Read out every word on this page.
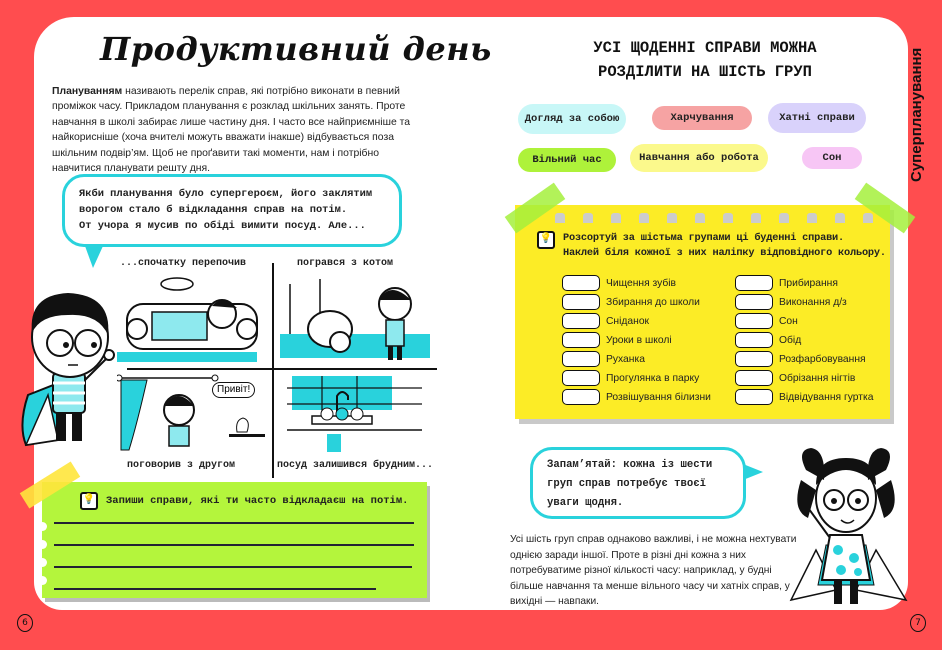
Суперпланування
Продуктивний день
Плануванням називають перелік справ, які потрібно виконати в певний проміжок часу. Прикладом планування є розклад шкільних занять. Проте навчання в школі забирає лише частину дня. І часто все найприємніше та найкорисніше (хоча вчителі можуть вважати інакше) відбувається поза шкільним подвір’ям. Щоб не проґавити такі моменти, нам і потрібно навчитися планувати решту дня.
Якби планування було супергероєм, його заклятим
ворогом стало б відкладання справ на потім.
От учора я мусив по обіді вимити посуд. Але...
...спочатку перепочив	погрався з котом
Привіт!
поговорив з другом	посуд залишився брудним...
💡 Запиши справи, які ти часто відкладаєш на потім.
6
УСІ ЩОДЕННІ СПРАВИ МОЖНА
РОЗДІЛИТИ НА ШІСТЬ ГРУП
Догляд за собою	Харчування	Хатні справи
Вільний час	Навчання або робота	Сон
💡 Розсортуй за шістьма групами ці буденні справи.
Наклей біля кожної з них наліпку відповідного кольору.
Чищення зубів
Збирання до школи
Сніданок
Уроки в школі
Руханка
Прогулянка в парку
Розвішування білизни
Прибирання
Виконання д/з
Сон
Обід
Розфарбовування
Обрізання нігтів
Відвідування гуртка
Запам’ятай: кожна із шести
груп справ потребує твоєї
уваги щодня.
Усі шість груп справ однаково важливі, і не можна нехтувати однією заради іншої. Проте в різні дні кожна з них потребуватиме різної кількості часу: наприклад, у будні більше навчання та менше вільного часу чи хатніх справ, у вихідні — навпаки.
7
